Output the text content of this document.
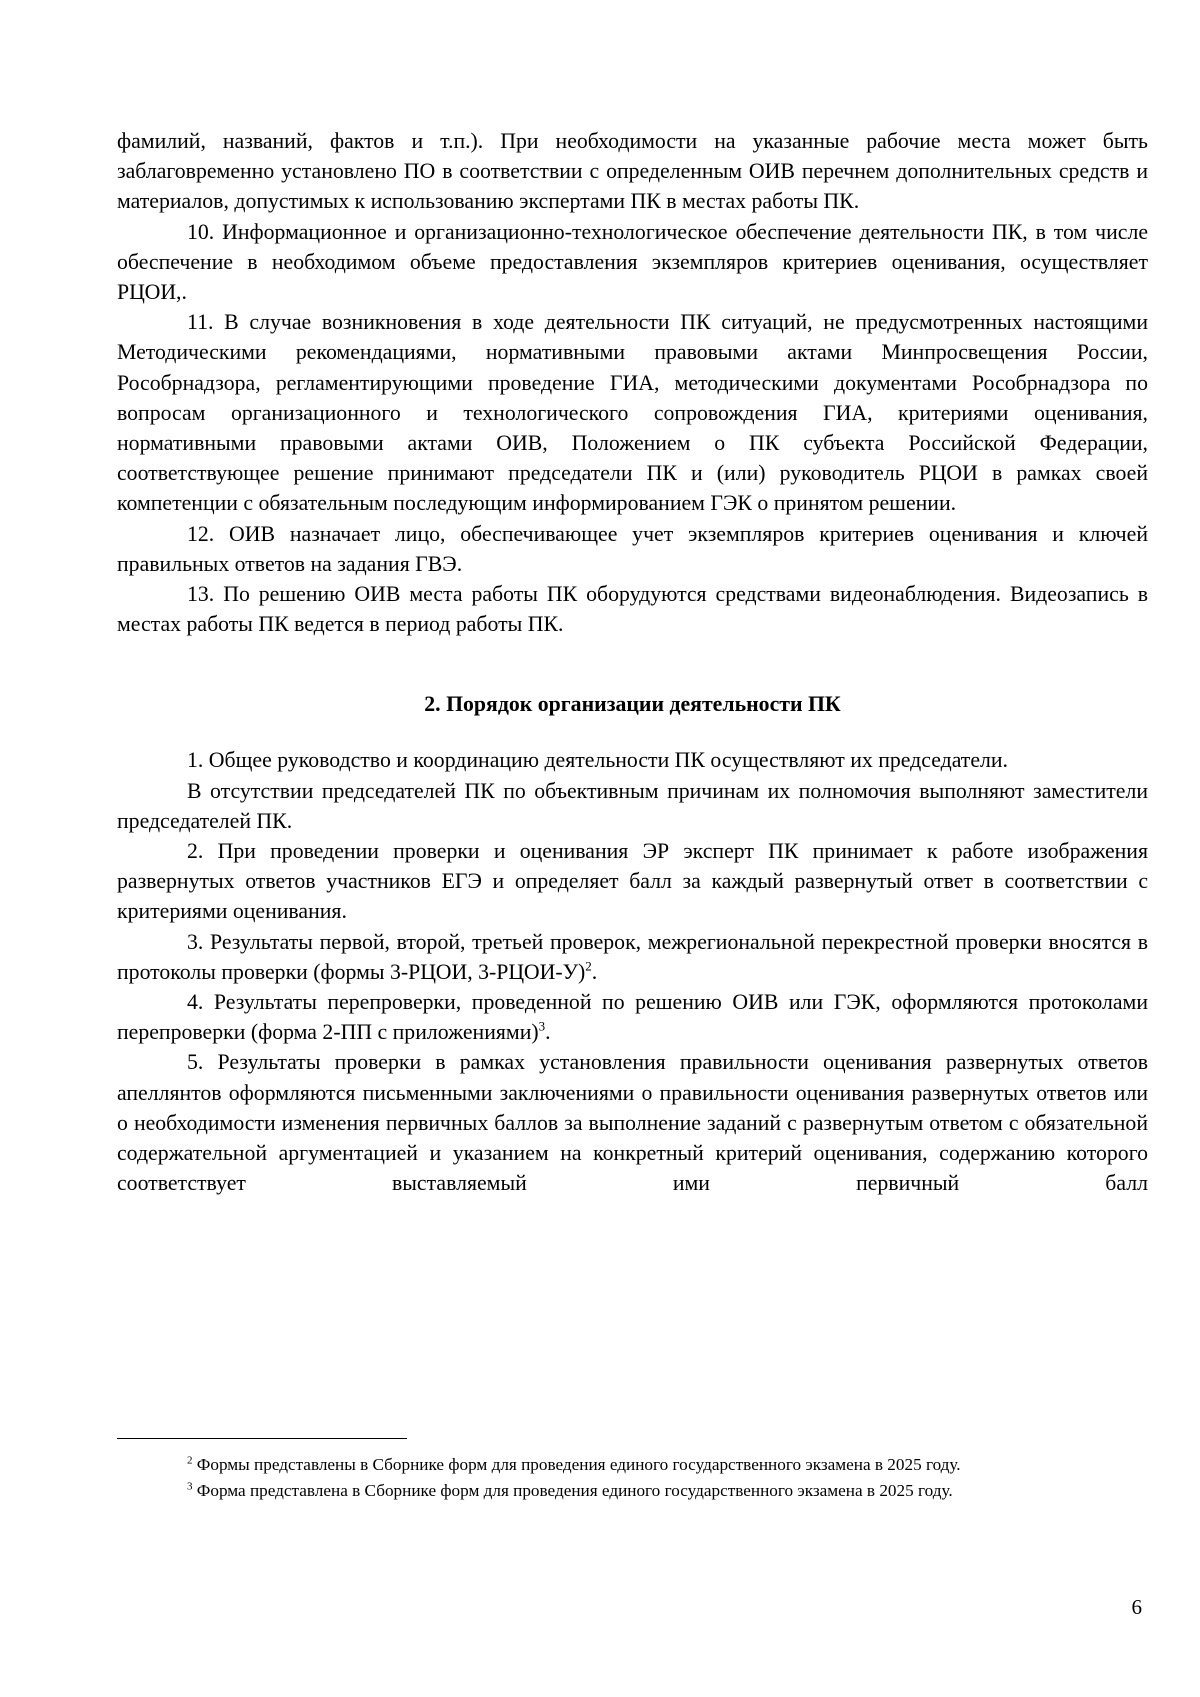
фамилий, названий, фактов и т.п.). При необходимости на указанные рабочие места может быть заблаговременно установлено ПО в соответствии с определенным ОИВ перечнем дополнительных средств и материалов, допустимых к использованию экспертами ПК в местах работы ПК.

10. Информационное и организационно-технологическое обеспечение деятельности ПК, в том числе обеспечение в необходимом объеме предоставления экземпляров критериев оценивания, осуществляет РЦОИ,.

11. В случае возникновения в ходе деятельности ПК ситуаций, не предусмотренных настоящими Методическими рекомендациями, нормативными правовыми актами Минпросвещения России, Рособрнадзора, регламентирующими проведение ГИА, методическими документами Рособрнадзора по вопросам организационного и технологического сопровождения ГИА, критериями оценивания, нормативными правовыми актами ОИВ, Положением о ПК субъекта Российской Федерации, соответствующее решение принимают председатели ПК и (или) руководитель РЦОИ в рамках своей компетенции с обязательным последующим информированием ГЭК о принятом решении.

12. ОИВ назначает лицо, обеспечивающее учет экземпляров критериев оценивания и ключей правильных ответов на задания ГВЭ.

13. По решению ОИВ места работы ПК оборудуются средствами видеонаблюдения. Видеозапись в местах работы ПК ведется в период работы ПК.

2. Порядок организации деятельности ПК

1. Общее руководство и координацию деятельности ПК осуществляют их председатели.

В отсутствии председателей ПК по объективным причинам их полномочия выполняют заместители председателей ПК.

2. При проведении проверки и оценивания ЭР эксперт ПК принимает к работе изображения развернутых ответов участников ЕГЭ и определяет балл за каждый развернутый ответ в соответствии с критериями оценивания.

3. Результаты первой, второй, третьей проверок, межрегиональной перекрестной проверки вносятся в протоколы проверки (формы 3-РЦОИ, 3-РЦОИ-У)$^2$.

4. Результаты перепроверки, проведенной по решению ОИВ или ГЭК, оформляются протоколами перепроверки (форма 2-ПП с приложениями)$^3$.

5. Результаты проверки в рамках установления правильности оценивания развернутых ответов апеллянтов оформляются письменными заключениями о правильности оценивания развернутых ответов или о необходимости изменения первичных баллов за выполнение заданий с развернутым ответом с обязательной содержательной аргументацией и указанием на конкретный критерий оценивания, содержанию которого соответствует выставляемый ими первичный балл

$^2$ Формы представлены в Сборнике форм для проведения единого государственного экзамена в 2025 году.

$^3$ Форма представлена в Сборнике форм для проведения единого государственного экзамена в 2025 году.

6
